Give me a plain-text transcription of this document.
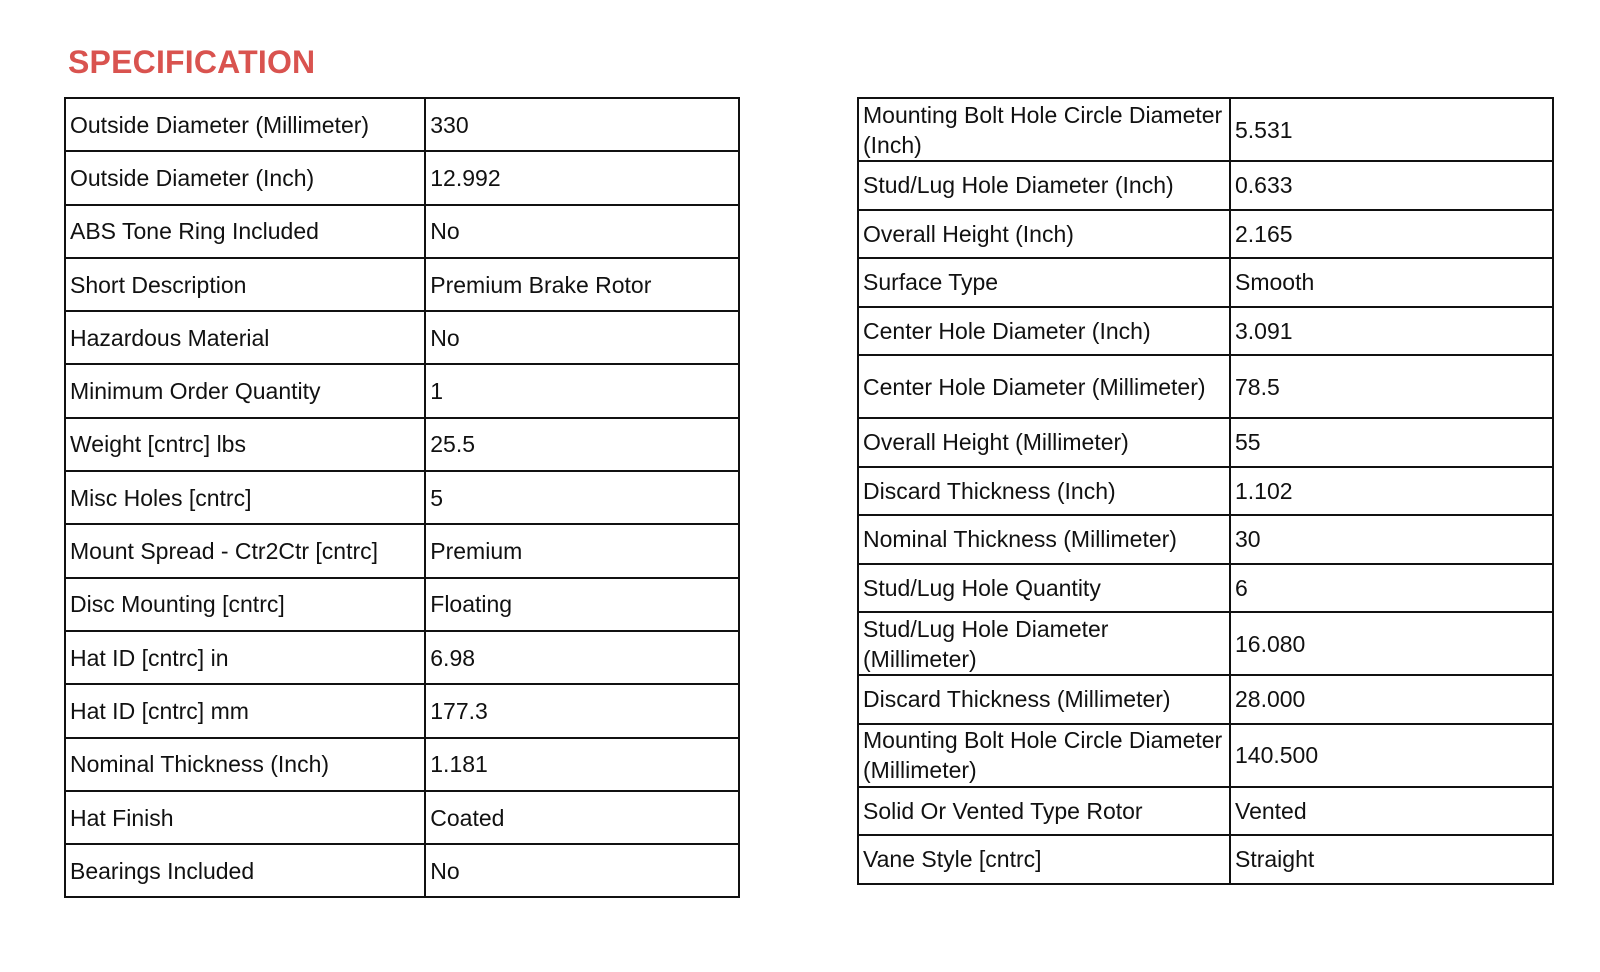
SPECIFICATION
Outside Diameter (Millimeter)	330
Outside Diameter (Inch)	12.992
ABS Tone Ring Included	No
Short Description	Premium Brake Rotor
Hazardous Material	No
Minimum Order Quantity	1
Weight [cntrc] lbs	25.5
Misc Holes [cntrc]	5
Mount Spread - Ctr2Ctr [cntrc]	Premium
Disc Mounting [cntrc]	Floating
Hat ID [cntrc] in	6.98
Hat ID [cntrc] mm	177.3
Nominal Thickness (Inch)	1.181
Hat Finish	Coated
Bearings Included	No
Mounting Bolt Hole Circle Diameter (Inch)	5.531
Stud/Lug Hole Diameter (Inch)	0.633
Overall Height (Inch)	2.165
Surface Type	Smooth
Center Hole Diameter (Inch)	3.091
Center Hole Diameter (Millimeter)	78.5
Overall Height (Millimeter)	55
Discard Thickness (Inch)	1.102
Nominal Thickness (Millimeter)	30
Stud/Lug Hole Quantity	6
Stud/Lug Hole Diameter (Millimeter)	16.080
Discard Thickness (Millimeter)	28.000
Mounting Bolt Hole Circle Diameter (Millimeter)	140.500
Solid Or Vented Type Rotor	Vented
Vane Style [cntrc]	Straight
